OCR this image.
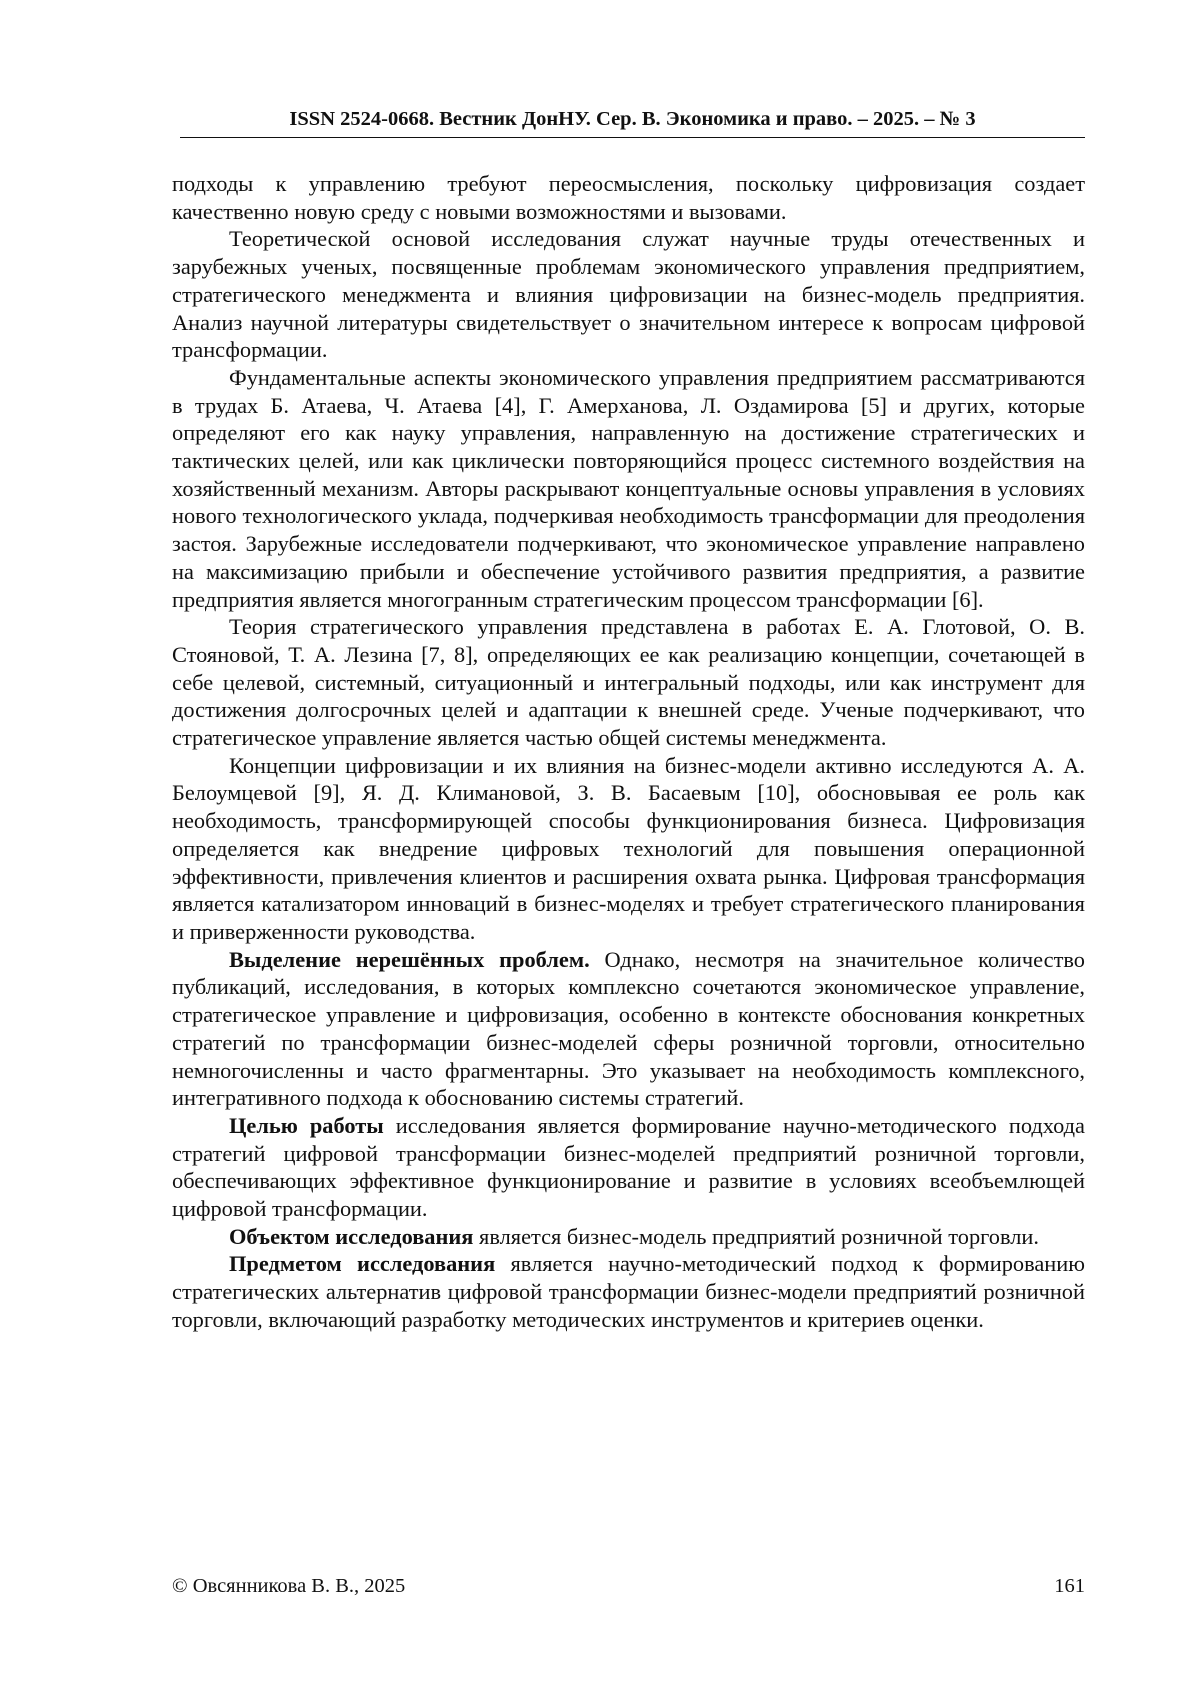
ISSN 2524-0668. Вестник ДонНУ. Сер. В. Экономика и право. – 2025. – № 3

подходы к управлению требуют переосмысления, поскольку цифровизация создает качественно новую среду с новыми возможностями и вызовами.

Теоретической основой исследования служат научные труды отечественных и зарубежных ученых, посвященные проблемам экономического управления предприятием, стратегического менеджмента и влияния цифровизации на бизнес-модель предприятия. Анализ научной литературы свидетельствует о значительном интересе к вопросам цифровой трансформации.

Фундаментальные аспекты экономического управления предприятием рассматриваются в трудах Б. Атаева, Ч. Атаева [4], Г. Амерханова, Л. Оздамирова [5] и других, которые определяют его как науку управления, направленную на достижение стратегических и тактических целей, или как циклически повторяющийся процесс системного воздействия на хозяйственный механизм. Авторы раскрывают концептуальные основы управления в условиях нового технологического уклада, подчеркивая необходимость трансформации для преодоления застоя. Зарубежные исследователи подчеркивают, что экономическое управление направлено на максимизацию прибыли и обеспечение устойчивого развития предприятия, а развитие предприятия является многогранным стратегическим процессом трансформации [6].

Теория стратегического управления представлена в работах Е. А. Глотовой, О. В. Стояновой, Т. А. Лезина [7, 8], определяющих ее как реализацию концепции, сочетающей в себе целевой, системный, ситуационный и интегральный подходы, или как инструмент для достижения долгосрочных целей и адаптации к внешней среде. Ученые подчеркивают, что стратегическое управление является частью общей системы менеджмента.

Концепции цифровизации и их влияния на бизнес-модели активно исследуются А. А. Белоумцевой [9], Я. Д. Климановой, З. В. Басаевым [10], обосновывая ее роль как необходимость, трансформирующей способы функционирования бизнеса. Цифровизация определяется как внедрение цифровых технологий для повышения операционной эффективности, привлечения клиентов и расширения охвата рынка. Цифровая трансформация является катализатором инноваций в бизнес-моделях и требует стратегического планирования и приверженности руководства.

Выделение нерешённых проблем. Однако, несмотря на значительное количество публикаций, исследования, в которых комплексно сочетаются экономическое управление, стратегическое управление и цифровизация, особенно в контексте обоснования конкретных стратегий по трансформации бизнес-моделей сферы розничной торговли, относительно немногочисленны и часто фрагментарны. Это указывает на необходимость комплексного, интегративного подхода к обоснованию системы стратегий.

Целью работы исследования является формирование научно-методического подхода стратегий цифровой трансформации бизнес-моделей предприятий розничной торговли, обеспечивающих эффективное функционирование и развитие в условиях всеобъемлющей цифровой трансформации.

Объектом исследования является бизнес-модель предприятий розничной торговли.

Предметом исследования является научно-методический подход к формированию стратегических альтернатив цифровой трансформации бизнес-модели предприятий розничной торговли, включающий разработку методических инструментов и критериев оценки.

© Овсянникова В. В., 2025	161
